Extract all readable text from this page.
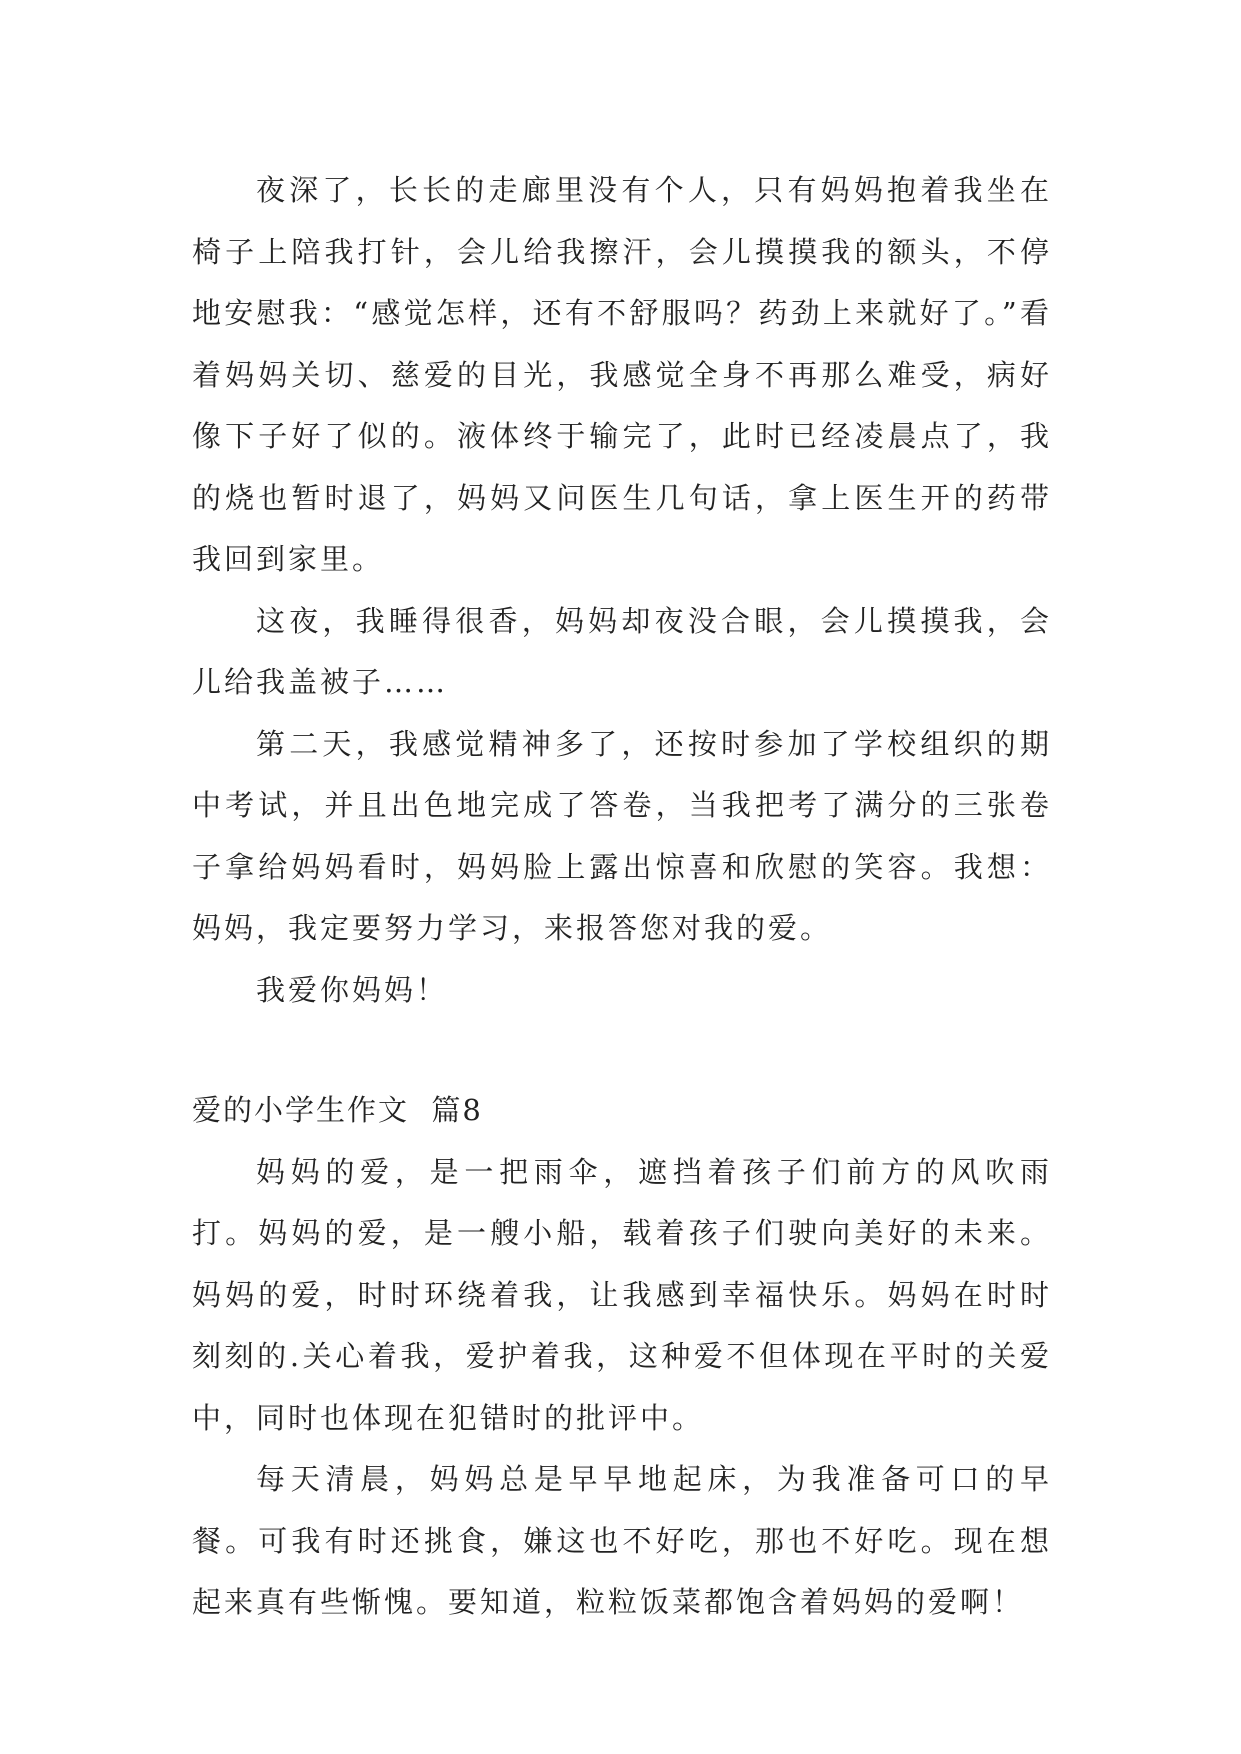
夜深了，长长的走廊里没有个人，只有妈妈抱着我坐在椅子上陪我打针，会儿给我擦汗，会儿摸摸我的额头，不停地安慰我：“感觉怎样，还有不舒服吗？药劲上来就好了。”看着妈妈关切、慈爱的目光，我感觉全身不再那么难受，病好像下子好了似的。液体终于输完了，此时已经凌晨点了，我的烧也暂时退了，妈妈又问医生几句话，拿上医生开的药带我回到家里。

这夜，我睡得很香，妈妈却夜没合眼，会儿摸摸我，会儿给我盖被子……

第二天，我感觉精神多了，还按时参加了学校组织的期中考试，并且出色地完成了答卷，当我把考了满分的三张卷子拿给妈妈看时，妈妈脸上露出惊喜和欣慰的笑容。我想：妈妈，我定要努力学习，来报答您对我的爱。

我爱你妈妈！

爱的小学生作文  篇8

妈妈的爱，是一把雨伞，遮挡着孩子们前方的风吹雨打。妈妈的爱，是一艘小船，载着孩子们驶向美好的未来。妈妈的爱，时时环绕着我，让我感到幸福快乐。妈妈在时时刻刻的.关心着我，爱护着我，这种爱不但体现在平时的关爱中，同时也体现在犯错时的批评中。

每天清晨，妈妈总是早早地起床，为我准备可口的早餐。可我有时还挑食，嫌这也不好吃，那也不好吃。现在想起来真有些惭愧。要知道，粒粒饭菜都饱含着妈妈的爱啊！
